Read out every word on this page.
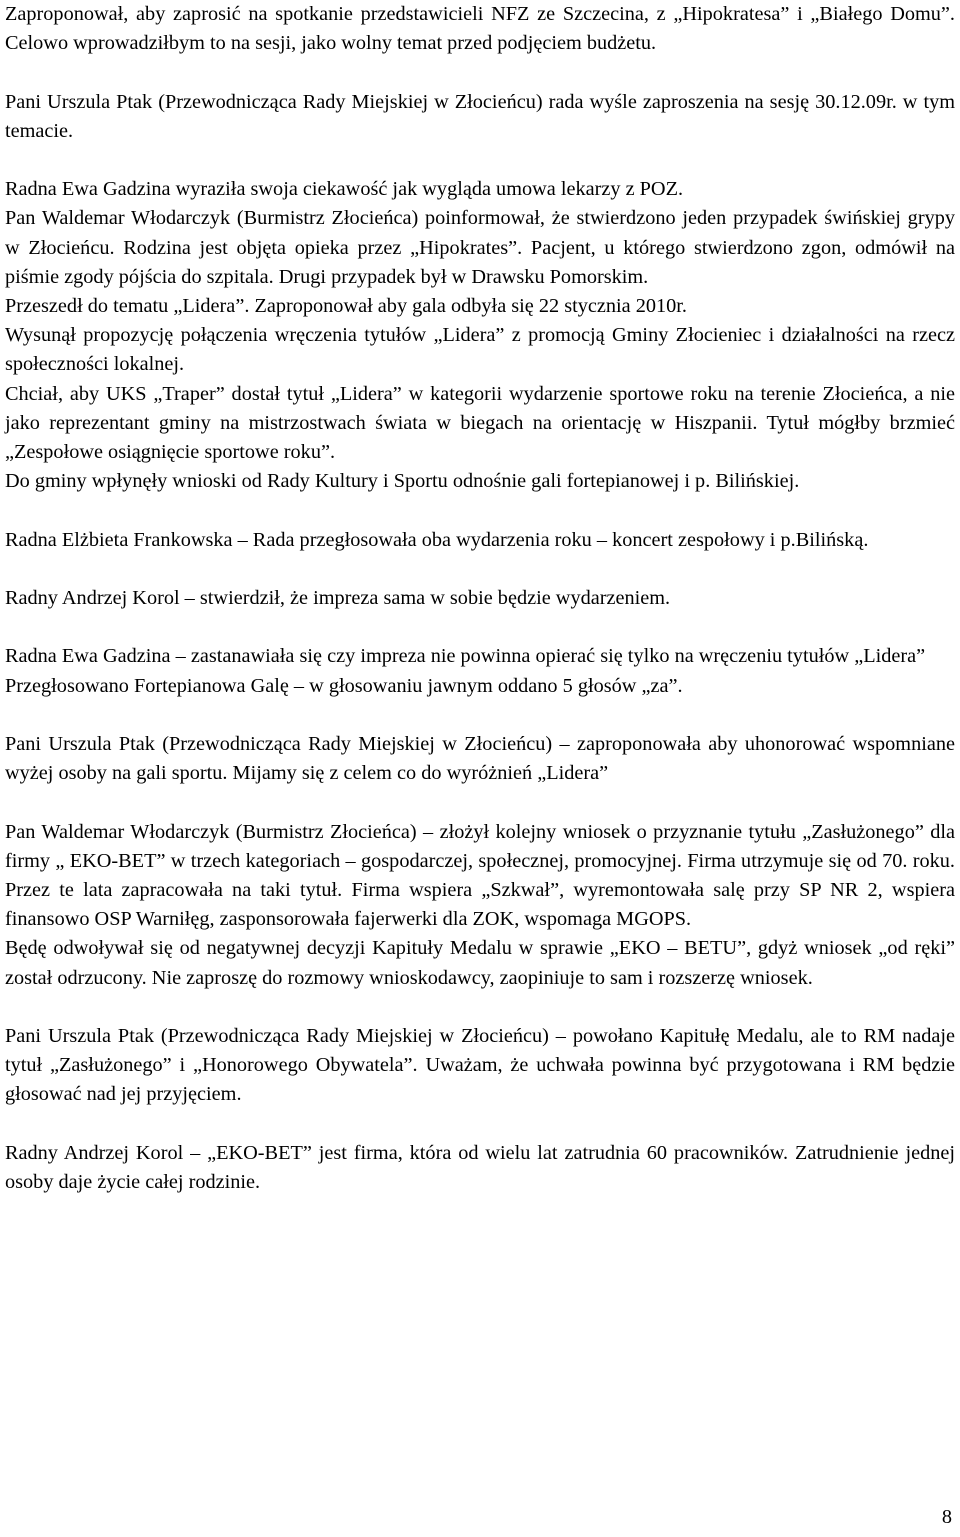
Zaproponował, aby zaprosić na spotkanie przedstawicieli NFZ ze Szczecina, z „Hipokratesa” i „Białego Domu”. Celowo wprowadziłbym to na sesji, jako wolny temat przed podjęciem budżetu.

Pani Urszula Ptak (Przewodnicząca Rady Miejskiej w Złocieńcu) rada wyśle zaproszenia na sesję 30.12.09r. w tym temacie.

Radna Ewa Gadzina wyraziła swoja ciekawość jak wygląda umowa lekarzy z POZ.

Pan Waldemar Włodarczyk (Burmistrz Złocieńca) poinformował, że stwierdzono jeden przypadek świńskiej grypy w Złocieńcu. Rodzina jest objęta opieka przez „Hipokrates”. Pacjent, u którego stwierdzono zgon, odmówił na piśmie zgody pójścia do szpitala. Drugi przypadek był w Drawsku Pomorskim.

Przeszedł do tematu „Lidera”. Zaproponował aby gala odbyła się 22 stycznia 2010r.

Wysunął propozycję połączenia wręczenia tytułów „Lidera” z promocją Gminy Złocieniec i działalności na rzecz społeczności lokalnej.

Chciał, aby UKS „Traper” dostał tytuł „Lidera” w kategorii wydarzenie sportowe roku na terenie Złocieńca, a nie jako reprezentant gminy na mistrzostwach świata w biegach na orientację w Hiszpanii. Tytuł mógłby brzmieć „Zespołowe osiągnięcie sportowe roku”.

Do gminy wpłynęły wnioski od Rady Kultury i Sportu odnośnie gali fortepianowej i p. Bilińskiej.

Radna Elżbieta Frankowska – Rada przegłosowała oba wydarzenia roku – koncert zespołowy i p.Bilińską.

Radny Andrzej Korol – stwierdził, że impreza sama w sobie będzie wydarzeniem.

Radna Ewa Gadzina – zastanawiała się czy impreza nie powinna opierać się tylko na wręczeniu tytułów „Lidera”

Przegłosowano Fortepianowa Galę – w głosowaniu jawnym oddano 5 głosów „za”.

Pani Urszula Ptak (Przewodnicząca Rady Miejskiej w Złocieńcu) – zaproponowała aby uhonorować wspomniane wyżej osoby na gali sportu. Mijamy się z celem co do wyróżnień „Lidera”

Pan Waldemar Włodarczyk (Burmistrz Złocieńca) – złożył kolejny wniosek o przyznanie tytułu „Zasłużonego” dla firmy „ EKO-BET” w trzech kategoriach – gospodarczej, społecznej, promocyjnej. Firma utrzymuje się od 70. roku. Przez te lata zapracowała na taki tytuł. Firma wspiera „Szkwał”, wyremontowała salę przy SP NR 2, wspiera finansowo OSP Warniłęg, zasponsorowała fajerwerki dla ZOK, wspomaga MGOPS.

Będę odwoływał się od negatywnej decyzji Kapituły Medalu w sprawie „EKO – BETU”, gdyż wniosek „od ręki” został odrzucony. Nie zaproszę do rozmowy wnioskodawcy, zaopiniuje to sam i rozszerzę wniosek.

Pani Urszula Ptak (Przewodnicząca Rady Miejskiej w Złocieńcu) – powołano Kapitułę Medalu, ale to RM nadaje tytuł „Zasłużonego” i „Honorowego Obywatela”. Uważam, że uchwała powinna być przygotowana i RM będzie głosować nad jej przyjęciem.

Radny Andrzej Korol – „EKO-BET” jest firma, która od wielu lat zatrudnia 60 pracowników. Zatrudnienie jednej osoby daje życie całej rodzinie.

8
